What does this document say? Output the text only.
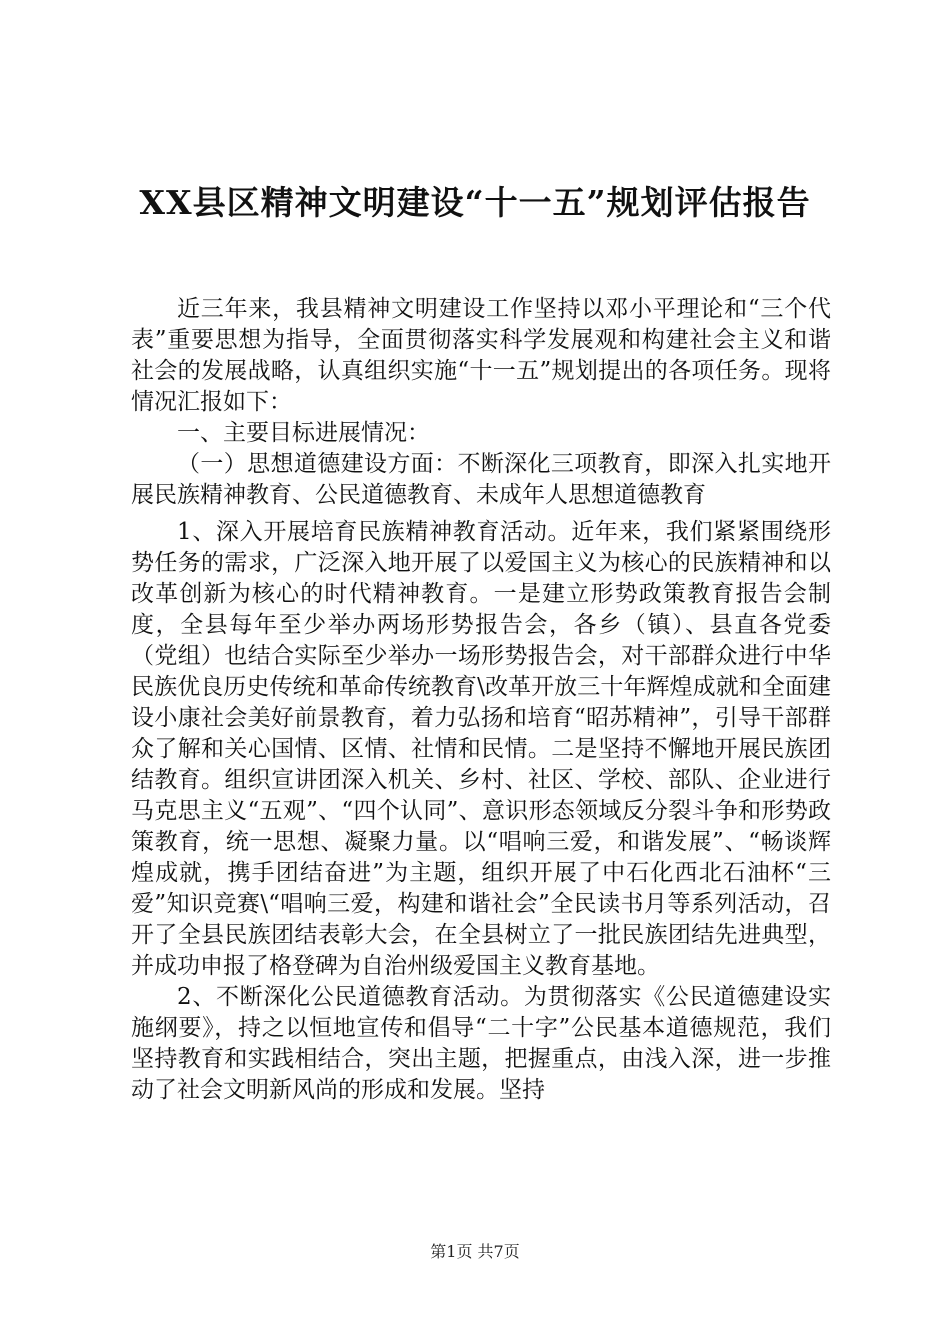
XX县区精神文明建设“十一五”规划评估报告

近三年来，我县精神文明建设工作坚持以邓小平理论和“三个代表”重要思想为指导，全面贯彻落实科学发展观和构建社会主义和谐社会的发展战略，认真组织实施“十一五”规划提出的各项任务。现将情况汇报如下：

一、主要目标进展情况：

（一）思想道德建设方面：不断深化三项教育，即深入扎实地开展民族精神教育、公民道德教育、未成年人思想道德教育

1、深入开展培育民族精神教育活动。近年来，我们紧紧围绕形势任务的需求，广泛深入地开展了以爱国主义为核心的民族精神和以改革创新为核心的时代精神教育。一是建立形势政策教育报告会制度，全县每年至少举办两场形势报告会，各乡（镇）、县直各党委（党组）也结合实际至少举办一场形势报告会，对干部群众进行中华民族优良历史传统和革命传统教育\改革开放三十年辉煌成就和全面建设小康社会美好前景教育，着力弘扬和培育“昭苏精神”，引导干部群众了解和关心国情、区情、社情和民情。二是坚持不懈地开展民族团结教育。组织宣讲团深入机关、乡村、社区、学校、部队、企业进行马克思主义“五观”、“四个认同”、意识形态领域反分裂斗争和形势政策教育，统一思想、凝聚力量。以“唱响三爱，和谐发展”、“畅谈辉煌成就，携手团结奋进”为主题，组织开展了中石化西北石油杯“三爱”知识竞赛\“唱响三爱，构建和谐社会”全民读书月等系列活动，召开了全县民族团结表彰大会，在全县树立了一批民族团结先进典型，并成功申报了格登碑为自治州级爱国主义教育基地。

2、不断深化公民道德教育活动。为贯彻落实《公民道德建设实施纲要》，持之以恒地宣传和倡导“二十字”公民基本道德规范，我们坚持教育和实践相结合，突出主题，把握重点，由浅入深，进一步推动了社会文明新风尚的形成和发展。坚持

第1页 共7页
